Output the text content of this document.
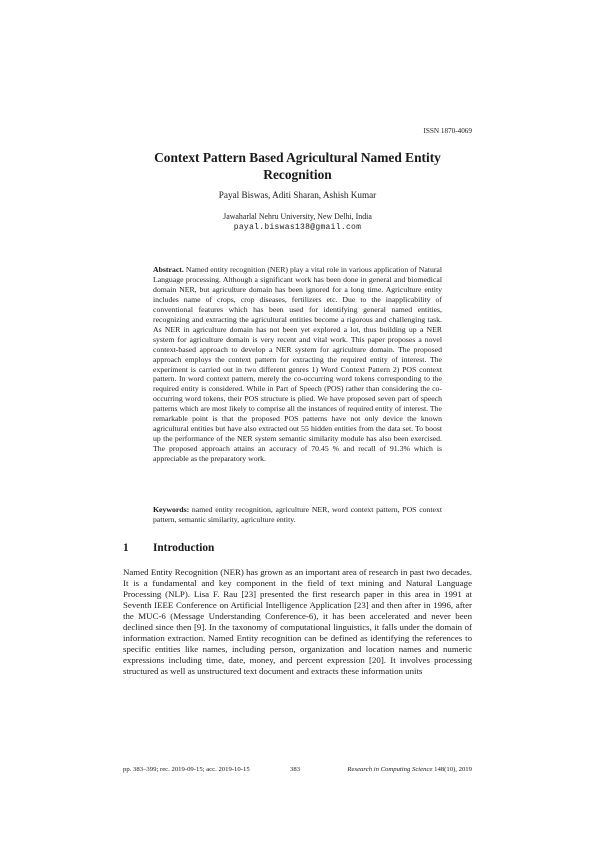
ISSN 1870-4069
Context Pattern Based Agricultural Named Entity Recognition
Payal Biswas, Aditi Sharan, Ashish Kumar
Jawaharlal Nehru University, New Delhi, India
payal.biswas138@gmail.com
Abstract. Named entity recognition (NER) play a vital role in various application of Natural Language processing. Although a significant work has been done in general and biomedical domain NER, but agriculture domain has been ignored for a long time. Agriculture entity includes name of crops, crop diseases, fertilizers etc. Due to the inapplicability of conventional features which has been used for identifying general named entities, recognizing and extracting the agricultural entities become a rigorous and challenging task. As NER in agriculture domain has not been yet explored a lot, thus building up a NER system for agriculture domain is very recent and vital work. This paper proposes a novel context-based approach to develop a NER system for agriculture domain. The proposed approach employs the context pattern for extracting the required entity of interest. The experiment is carried out in two different genres 1) Word Context Pattern 2) POS context pattern. In word context pattern, merely the co-occurring word tokens corresponding to the required entity is considered. While in Part of Speech (POS) rather than considering the co-occurring word tokens, their POS structure is plied. We have proposed seven part of speech patterns which are most likely to comprise all the instances of required entity of interest. The remarkable point is that the proposed POS patterns have not only device the known agricultural entities but have also extracted out 55 hidden entities from the data set. To boost up the performance of the NER system semantic similarity module has also been exercised. The proposed approach attains an accuracy of 70.45 % and recall of 91.3% which is appreciable as the preparatory work.
Keywords: named entity recognition, agriculture NER, word context pattern, POS context pattern, semantic similarity, agriculture entity.
1 Introduction
Named Entity Recognition (NER) has grown as an important area of research in past two decades. It is a fundamental and key component in the field of text mining and Natural Language Processing (NLP). Lisa F. Rau [23] presented the first research paper in this area in 1991 at Seventh IEEE Conference on Artificial Intelligence Application [23] and then after in 1996, after the MUC-6 (Message Understanding Conference-6), it has been accelerated and never been declined since then [9]. In the taxonomy of computational linguistics, it falls under the domain of information extraction. Named Entity recognition can be defined as identifying the references to specific entities like names, including person, organization and location names and numeric expressions including time, date, money, and percent expression [20]. It involves processing structured as well as unstructured text document and extracts these information units
pp. 383–399; rec. 2019-09-15; acc. 2019-10-15	383	Research in Computing Science 148(10), 2019
